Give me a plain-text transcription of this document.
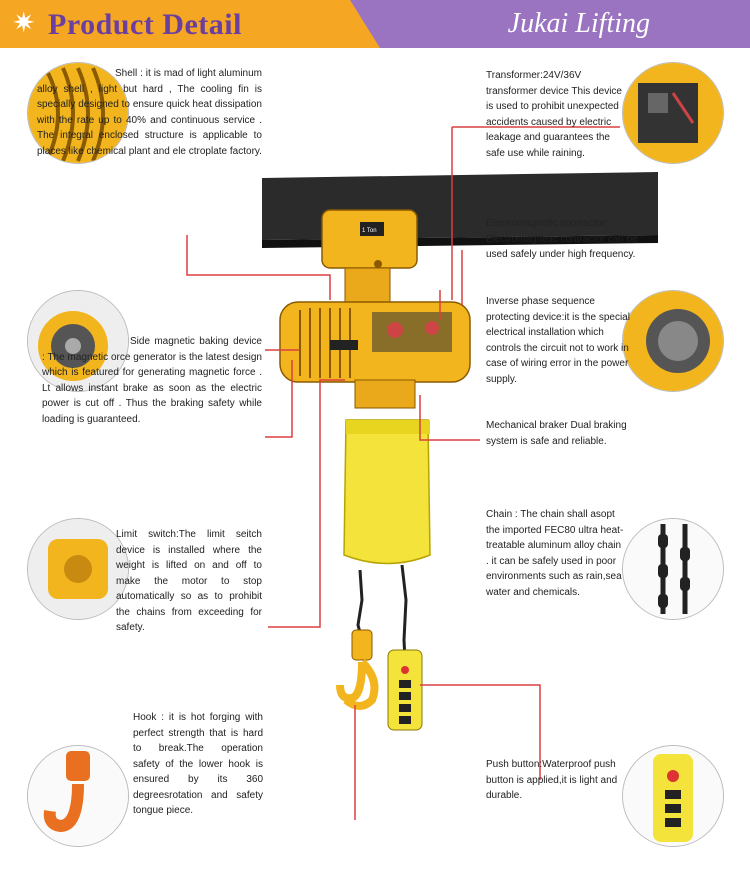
✷ Product Detail	Jukai Lifting
1 Ton
Shell : it is mad of light aluminum alloy shell , light but hard , The cooling fin is specially designed to ensure quick heat dissipation with the rate up to 40% and continuous service . The integral enclosed structure is applicable to places like chemical plant and ele ctroplate factory.
Transformer:24V/36V transformer device This device is used to prohibit unexpected accidents caused by electric leakage and guarantees the safe use while raining.
Electromagnetic contractor: Electromagnetic contractor can be used safely under high frequency.
Inverse phase sequence protecting device:it is the special electrical installation which controls the circuit not to work in case of wiring error in the power supply.
Side magnetic baking device : The magnetic orce generator is the latest design which is featured for generating magnetic force . Lt allows instant brake as soon as the electric power is cut off . Thus the braking safety while loading is guaranteed.
Mechanical braker Dual braking system is safe and reliable.
Chain : The chain shall asopt the imported FEC80 ultra heat-treatable aluminum alloy chain . it can be safely used in poor environments such as rain,sea water and chemicals.
Limit switch:The limit seitch device is installed where the weight is lifted on and off to make the motor to stop automatically so as to prohibit the chains from exceeding for safety.
Hook : it is hot forging with perfect strength that is hard to break.The operation safety of the lower hook is ensured by its 360 degreesrotation and safety tongue piece.
Push button:Waterproof push button is applied,it is light and durable.
